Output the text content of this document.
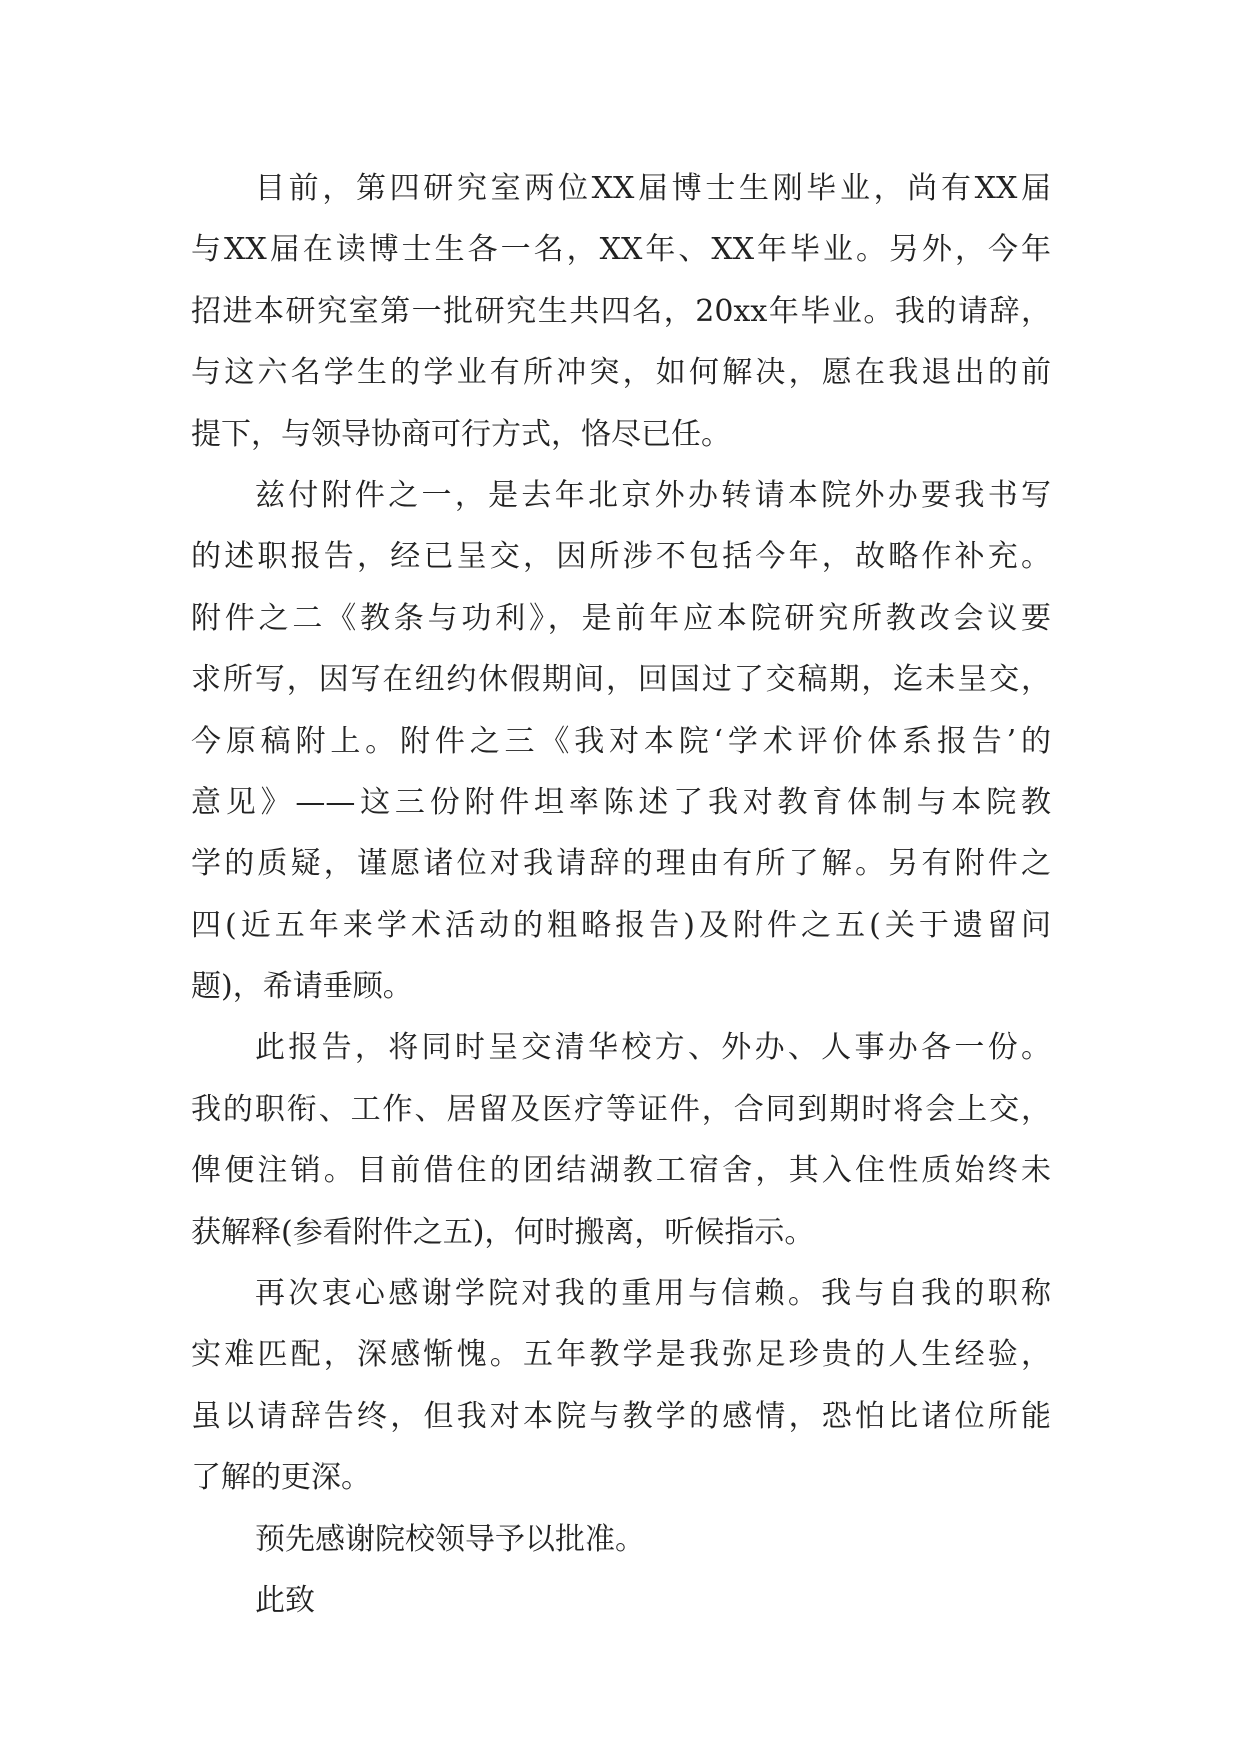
目前，第四研究室两位XX届博士生刚毕业，尚有XX届
与XX届在读博士生各一名，XX年、XX年毕业。另外，今年
招进本研究室第一批研究生共四名，20xx年毕业。我的请辞，
与这六名学生的学业有所冲突，如何解决，愿在我退出的前
提下，与领导协商可行方式，恪尽已任。
兹付附件之一，是去年北京外办转请本院外办要我书写
的述职报告，经已呈交，因所涉不包括今年，故略作补充。
附件之二《教条与功利》，是前年应本院研究所教改会议要
求所写，因写在纽约休假期间，回国过了交稿期，迄未呈交，
今原稿附上。附件之三《我对本院‘学术评价体系报告’的
意见》——这三份附件坦率陈述了我对教育体制与本院教
学的质疑，谨愿诸位对我请辞的理由有所了解。另有附件之
四(近五年来学术活动的粗略报告)及附件之五(关于遗留问
题)，希请垂顾。
此报告，将同时呈交清华校方、外办、人事办各一份。
我的职衔、工作、居留及医疗等证件，合同到期时将会上交，
俾便注销。目前借住的团结湖教工宿舍，其入住性质始终未
获解释(参看附件之五)，何时搬离，听候指示。
再次衷心感谢学院对我的重用与信赖。我与自我的职称
实难匹配，深感惭愧。五年教学是我弥足珍贵的人生经验，
虽以请辞告终，但我对本院与教学的感情，恐怕比诸位所能
了解的更深。
预先感谢院校领导予以批准。
此致
